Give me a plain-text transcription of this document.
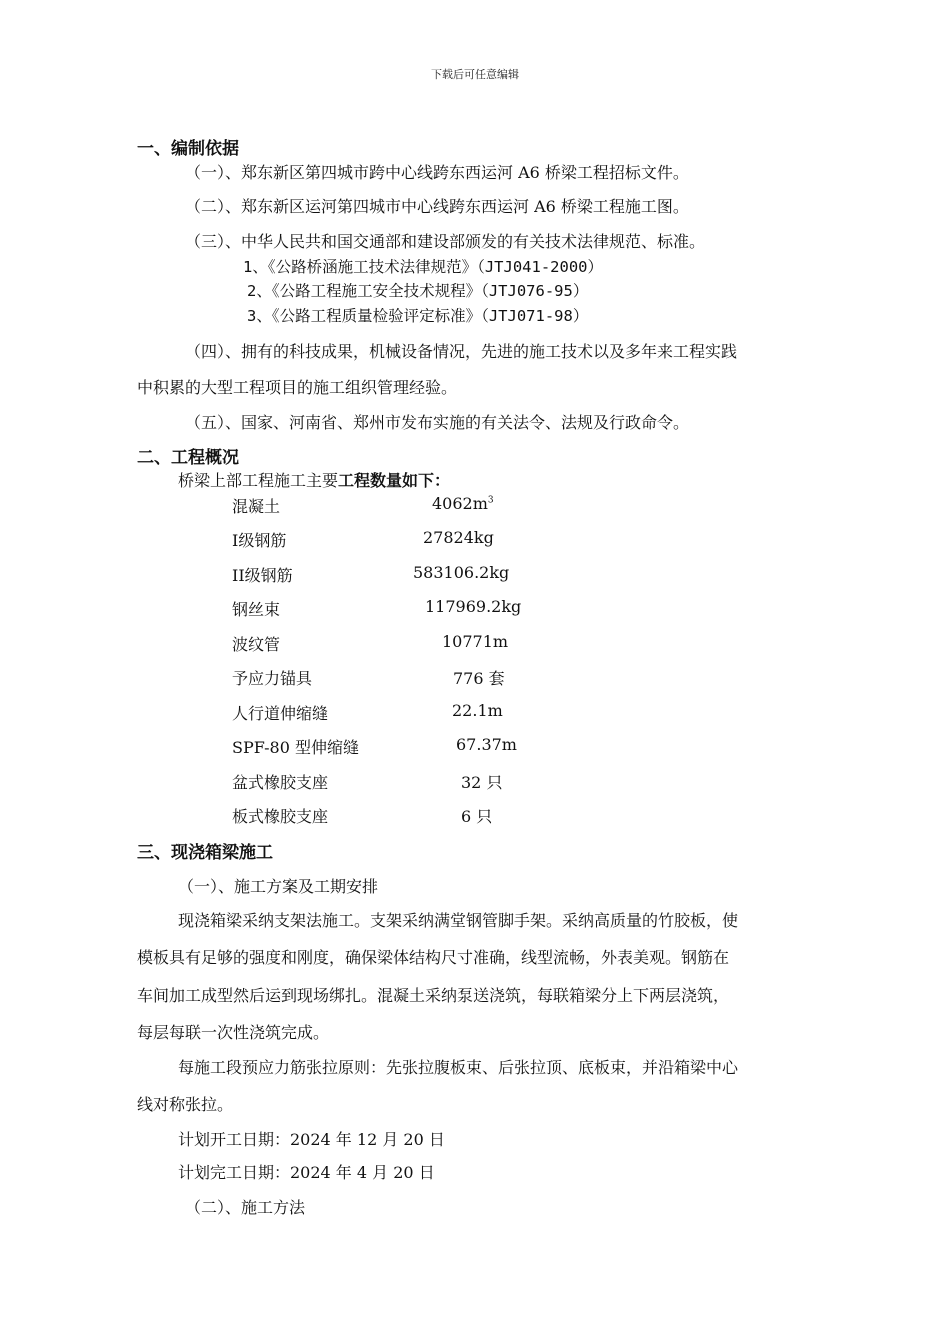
下载后可任意编辑
一、编制依据
（一）、郑东新区第四城市跨中心线跨东西运河 A6 桥梁工程招标文件。
（二）、郑东新区运河第四城市中心线跨东西运河 A6 桥梁工程施工图。
（三）、中华人民共和国交通部和建设部颁发的有关技术法律规范、标准。
1、《公路桥涵施工技术法律规范》（JTJ041-2000）
2、《公路工程施工安全技术规程》（JTJ076-95）
3、《公路工程质量检验评定标准》（JTJ071-98）
（四）、拥有的科技成果，机械设备情况，先进的施工技术以及多年来工程实践
中积累的大型工程项目的施工组织管理经验。
（五）、国家、河南省、郑州市发布实施的有关法令、法规及行政命令。
二、工程概况
桥梁上部工程施工主要工程数量如下：
混凝土	$4062m^3$
I级钢筋	27824kg
II级钢筋	583106.2kg
钢丝束	117969.2kg
波纹管	10771m
予应力锚具	776 套
人行道伸缩缝	22.1m
SPF-80 型伸缩缝	67.37m
盆式橡胶支座	32 只
板式橡胶支座	6 只
三、现浇箱梁施工
（一）、施工方案及工期安排
现浇箱梁采纳支架法施工。支架采纳满堂钢管脚手架。采纳高质量的竹胶板，使
模板具有足够的强度和刚度，确保梁体结构尺寸准确，线型流畅，外表美观。钢筋在
车间加工成型然后运到现场绑扎。混凝土采纳泵送浇筑，每联箱梁分上下两层浇筑，
每层每联一次性浇筑完成。
每施工段预应力筋张拉原则：先张拉腹板束、后张拉顶、底板束，并沿箱梁中心
线对称张拉。
计划开工日期：2024 年 12 月 20 日
计划完工日期：2024 年 4 月 20 日
（二）、施工方法
